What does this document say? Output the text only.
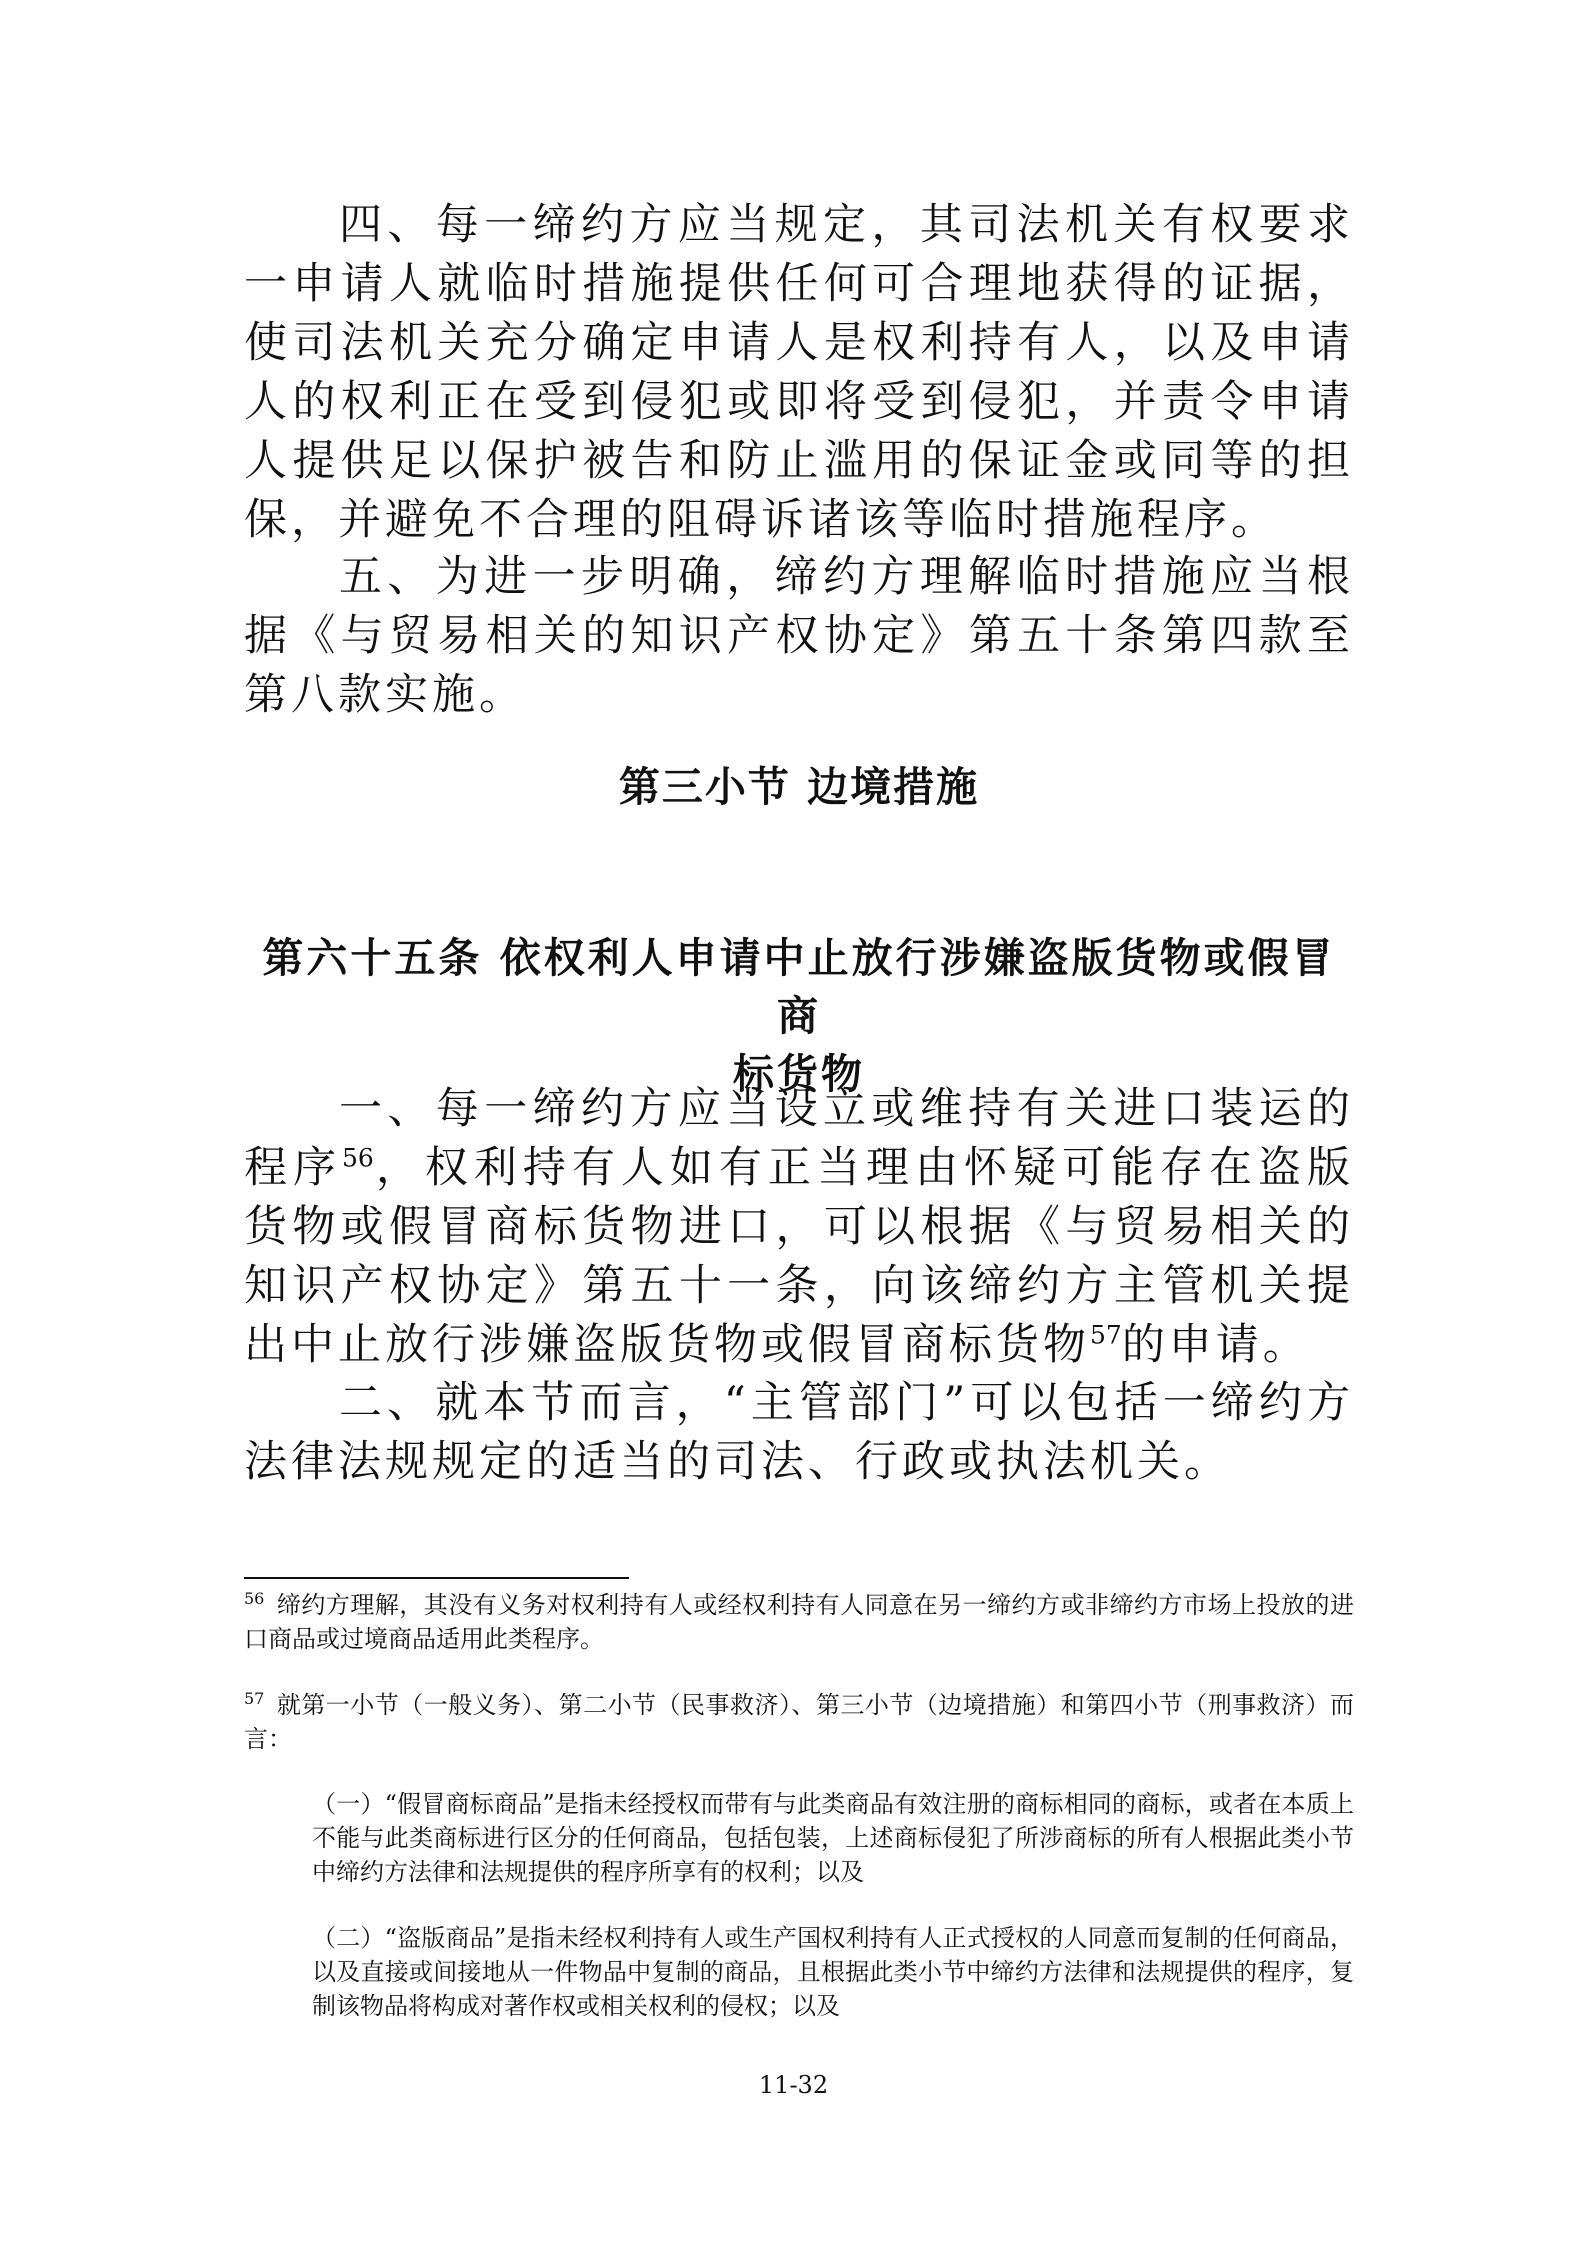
四、每一缔约方应当规定，其司法机关有权要求一申请人就临时措施提供任何可合理地获得的证据，使司法机关充分确定申请人是权利持有人，以及申请人的权利正在受到侵犯或即将受到侵犯，并责令申请人提供足以保护被告和防止滥用的保证金或同等的担保，并避免不合理的阻碍诉诸该等临时措施程序。

五、为进一步明确，缔约方理解临时措施应当根据《与贸易相关的知识产权协定》第五十条第四款至第八款实施。

第三小节 边境措施
第六十五条 依权利人申请中止放行涉嫌盗版货物或假冒商
标货物

一、每一缔约方应当设立或维持有关进口装运的程序$^{56}$，权利持有人如有正当理由怀疑可能存在盗版货物或假冒商标货物进口，可以根据《与贸易相关的知识产权协定》第五十一条，向该缔约方主管机关提出中止放行涉嫌盗版货物或假冒商标货物$^{57}$的申请。

二、就本节而言，“主管部门”可以包括一缔约方法律法规规定的适当的司法、行政或执法机关。

$^{56}$ 缔约方理解，其没有义务对权利持有人或经权利持有人同意在另一缔约方或非缔约方市场上投放的进口商品或过境商品适用此类程序。

$^{57}$ 就第一小节（一般义务）、第二小节（民事救济）、第三小节（边境措施）和第四小节（刑事救济）而言：

（一）“假冒商标商品”是指未经授权而带有与此类商品有效注册的商标相同的商标，或者在本质上不能与此类商标进行区分的任何商品，包括包装，上述商标侵犯了所涉商标的所有人根据此类小节中缔约方法律和法规提供的程序所享有的权利；以及

（二）“盗版商品”是指未经权利持有人或生产国权利持有人正式授权的人同意而复制的任何商品，以及直接或间接地从一件物品中复制的商品，且根据此类小节中缔约方法律和法规提供的程序，复制该物品将构成对著作权或相关权利的侵权；以及

11-32
